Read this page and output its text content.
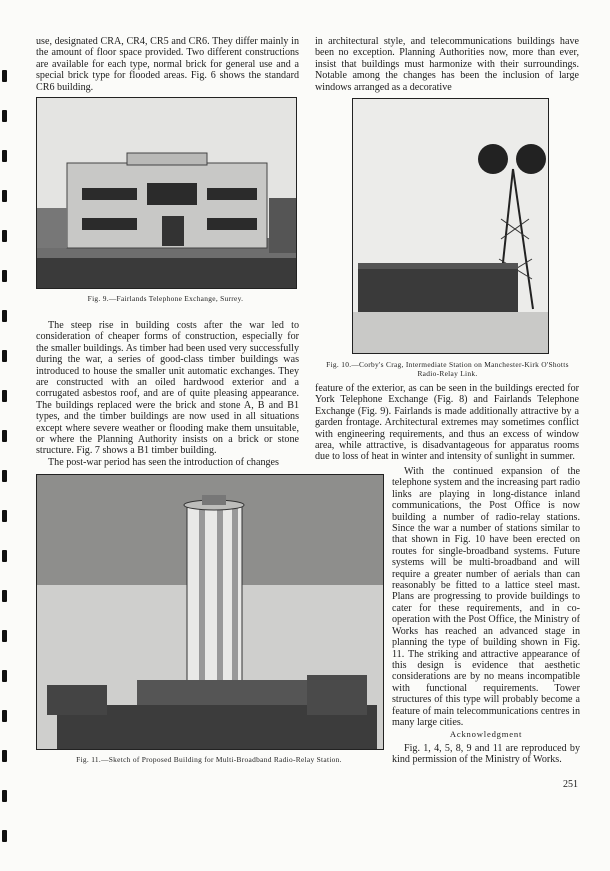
use, designated CRA, CR4, CR5 and CR6. They differ mainly in the amount of floor space provided. Two different constructions are available for each type, normal brick for general use and a special brick type for flooded areas. Fig. 6 shows the standard CR6 building.

in architectural style, and telecommunications buildings have been no exception. Planning Authorities now, more than ever, insist that buildings must harmonize with their surroundings. Notable among the changes has been the inclusion of large windows arranged as a decorative

Fig. 9.—Fairlands Telephone Exchange, Surrey.

Fig. 10.—Corby's Crag, Intermediate Station on Manchester-Kirk O'Shotts Radio-Relay Link.

The steep rise in building costs after the war led to consideration of cheaper forms of construction, especially for the smaller buildings. As timber had been used very successfully during the war, a series of good-class timber buildings was introduced to house the smaller unit automatic exchanges. They are constructed with an oiled hardwood exterior and a corrugated asbestos roof, and are of quite pleasing appearance. The buildings replaced were the brick and stone A, B and B1 types, and the timber buildings are now used in all situations except where severe weather or flooding make them unsuitable, or where the Planning Authority insists on a brick or stone structure. Fig. 7 shows a B1 timber building.

The post-war period has seen the introduction of changes

feature of the exterior, as can be seen in the buildings erected for York Telephone Exchange (Fig. 8) and Fairlands Telephone Exchange (Fig. 9). Fairlands is made additionally attractive by a garden frontage. Architectural extremes may sometimes conflict with engineering requirements, and thus an excess of window area, while attractive, is disadvantageous for apparatus rooms due to loss of heat in winter and intensity of sunlight in summer.

Fig. 11.—Sketch of Proposed Building for Multi-Broadband Radio-Relay Station.

With the continued expansion of the telephone system and the increasing part radio links are playing in long-distance inland communications, the Post Office is now building a number of radio-relay stations. Since the war a number of stations similar to that shown in Fig. 10 have been erected on routes for single-broadband systems. Future systems will be multi-broadband and will require a greater number of aerials than can reasonably be fitted to a lattice steel mast. Plans are progressing to provide buildings to cater for these requirements, and in co-operation with the Post Office, the Ministry of Works has reached an advanced stage in planning the type of building shown in Fig. 11. The striking and attractive appearance of this design is evidence that aesthetic considerations are by no means incompatible with functional requirements. Tower structures of this type will probably become a feature of main telecommunications centres in many large cities.

Acknowledgment

Fig. 1, 4, 5, 8, 9 and 11 are reproduced by kind permission of the Ministry of Works.

251
